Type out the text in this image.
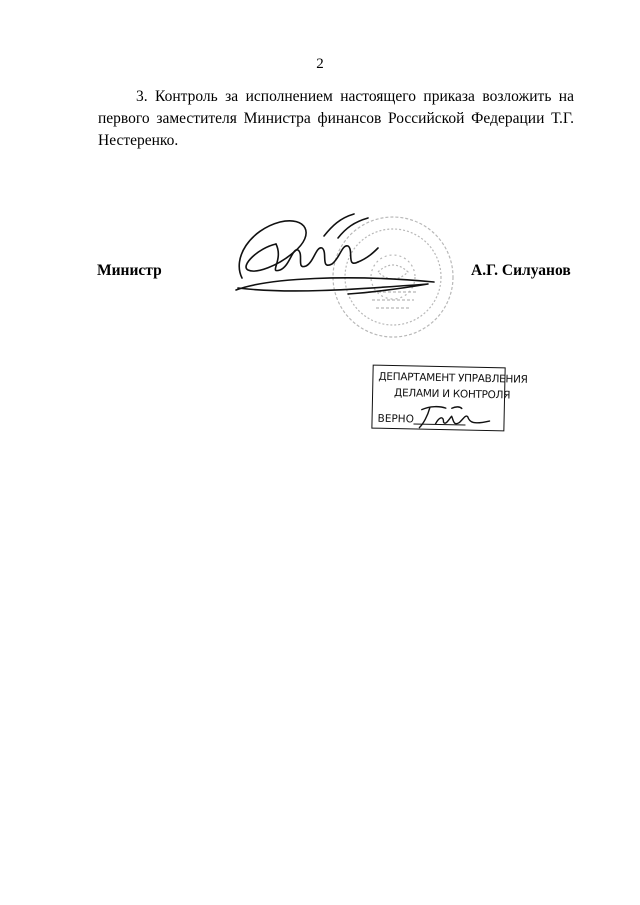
2

3. Контроль за исполнением настоящего приказа возложить на первого заместителя Министра финансов Российской Федерации Т.Г. Нестеренко.

Министр	А.Г. Силуанов
ДЕПАРТАМЕНТ УПРАВЛЕНИЯ
ДЕЛАМИ И КОНТРОЛЯ
ВЕРНО
